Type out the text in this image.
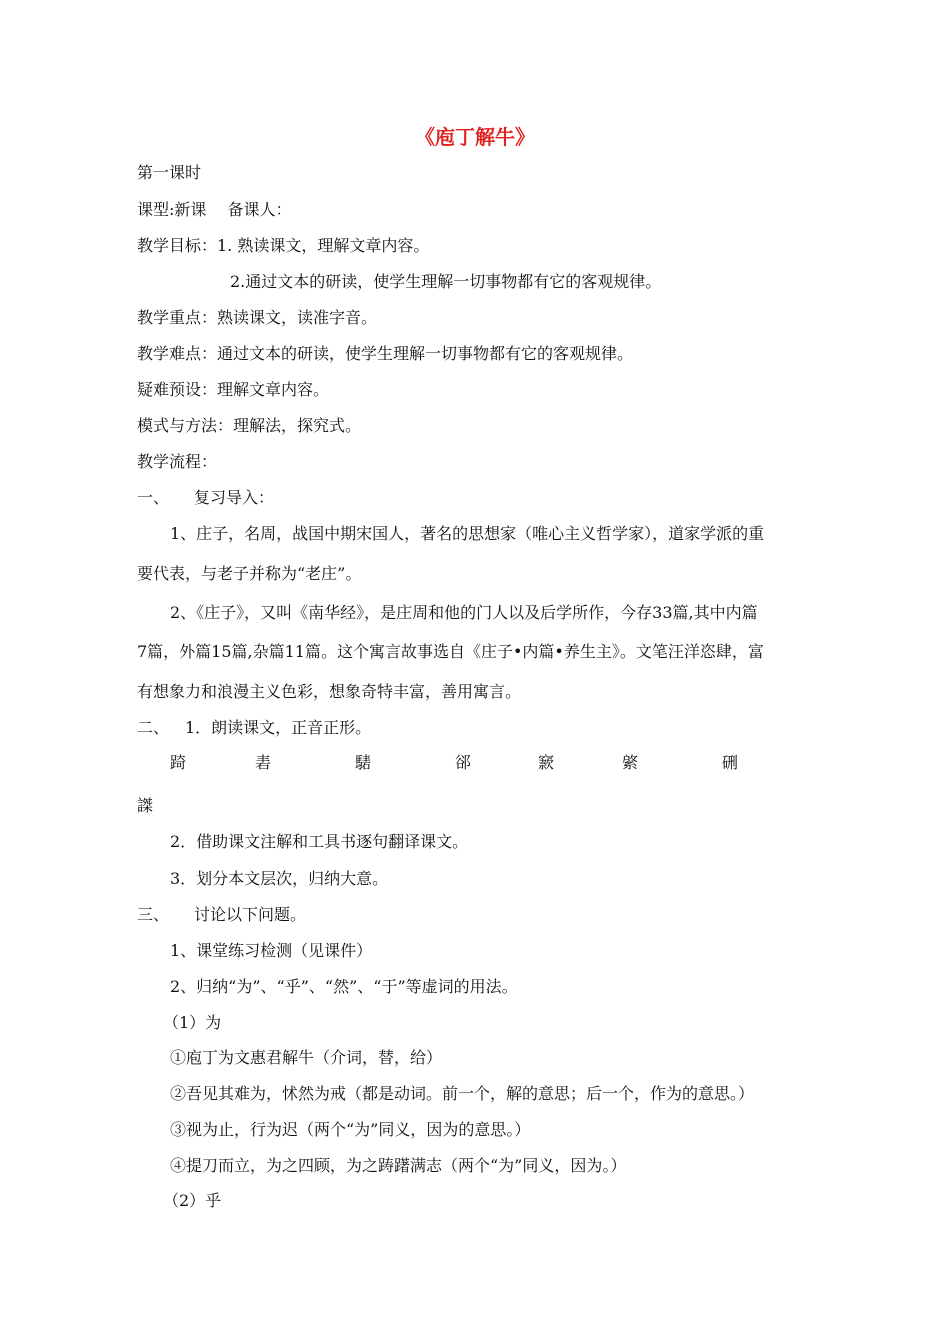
《庖丁解牛》
第一课时
课型:新课　 备课人：
教学目标： 1. 熟读课文，理解文章内容。
2.通过文本的研读，使学生理解一切事物都有它的客观规律。
教学重点：熟读课文，读准字音。
教学难点：通过文本的研读，使学生理解一切事物都有它的客观规律。
疑难预设：理解文章内容。
模式与方法：理解法，探究式。
教学流程：
一、 复习导入：
1、庄子，名周，战国中期宋国人，著名的思想家（唯心主义哲学家），道家学派的重
要代表，与老子并称为“老庄”。
2、《庄子》，又叫《南华经》，是庄周和他的门人以及后学所作，今存33篇,其中内篇
7篇，外篇15篇,杂篇11篇。这个寓言故事选自《庄子•内篇•养生主》。文笔汪洋恣肆，富
有想象力和浪漫主义色彩，想象奇特丰富，善用寓言。
二、 1．朗读课文，正音正形。
踦	砉	騞	郤	窾	綮	硎
謋
2．借助课文注解和工具书逐句翻译课文。
3．划分本文层次，归纳大意。
三、 讨论以下问题。
1、课堂练习检测（见课件）
2、归纳“为”、“乎”、“然”、“于”等虚词的用法。
（1）为
①庖丁为文惠君解牛（介词，替，给）
②吾见其难为，怵然为戒（都是动词。前一个，解的意思；后一个，作为的意思。）
③视为止，行为迟（两个“为”同义，因为的意思。）
④提刀而立，为之四顾，为之踌躇满志（两个“为”同义，因为。）
（2）乎
